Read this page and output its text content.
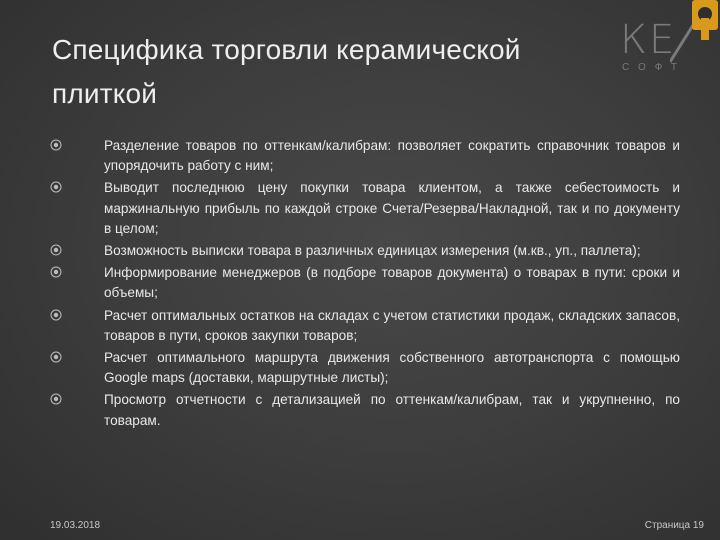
Специфика торговли керамической
плиткой
КЕ
СОФТ

Разделение товаров по оттенкам/калибрам: позволяет сократить справочник товаров и упорядочить работу с ним;

Выводит последнюю цену покупки товара клиентом, а также себестоимость и маржинальную прибыль по каждой строке Счета/Резерва/Накладной, так и по документу в целом;

Возможность выписки товара в различных единицах измерения (м.кв., уп., паллета);

Информирование менеджеров (в подборе товаров документа) о товарах в пути: сроки и объемы;

Расчет оптимальных остатков на складах с учетом статистики продаж, складских запасов, товаров в пути, сроков закупки товаров;

Расчет оптимального маршрута движения собственного автотранспорта с помощью Google maps (доставки, маршрутные листы);

Просмотр отчетности с детализацией по оттенкам/калибрам, так и укрупненно, по товарам.

19.03.2018	Страница 19
